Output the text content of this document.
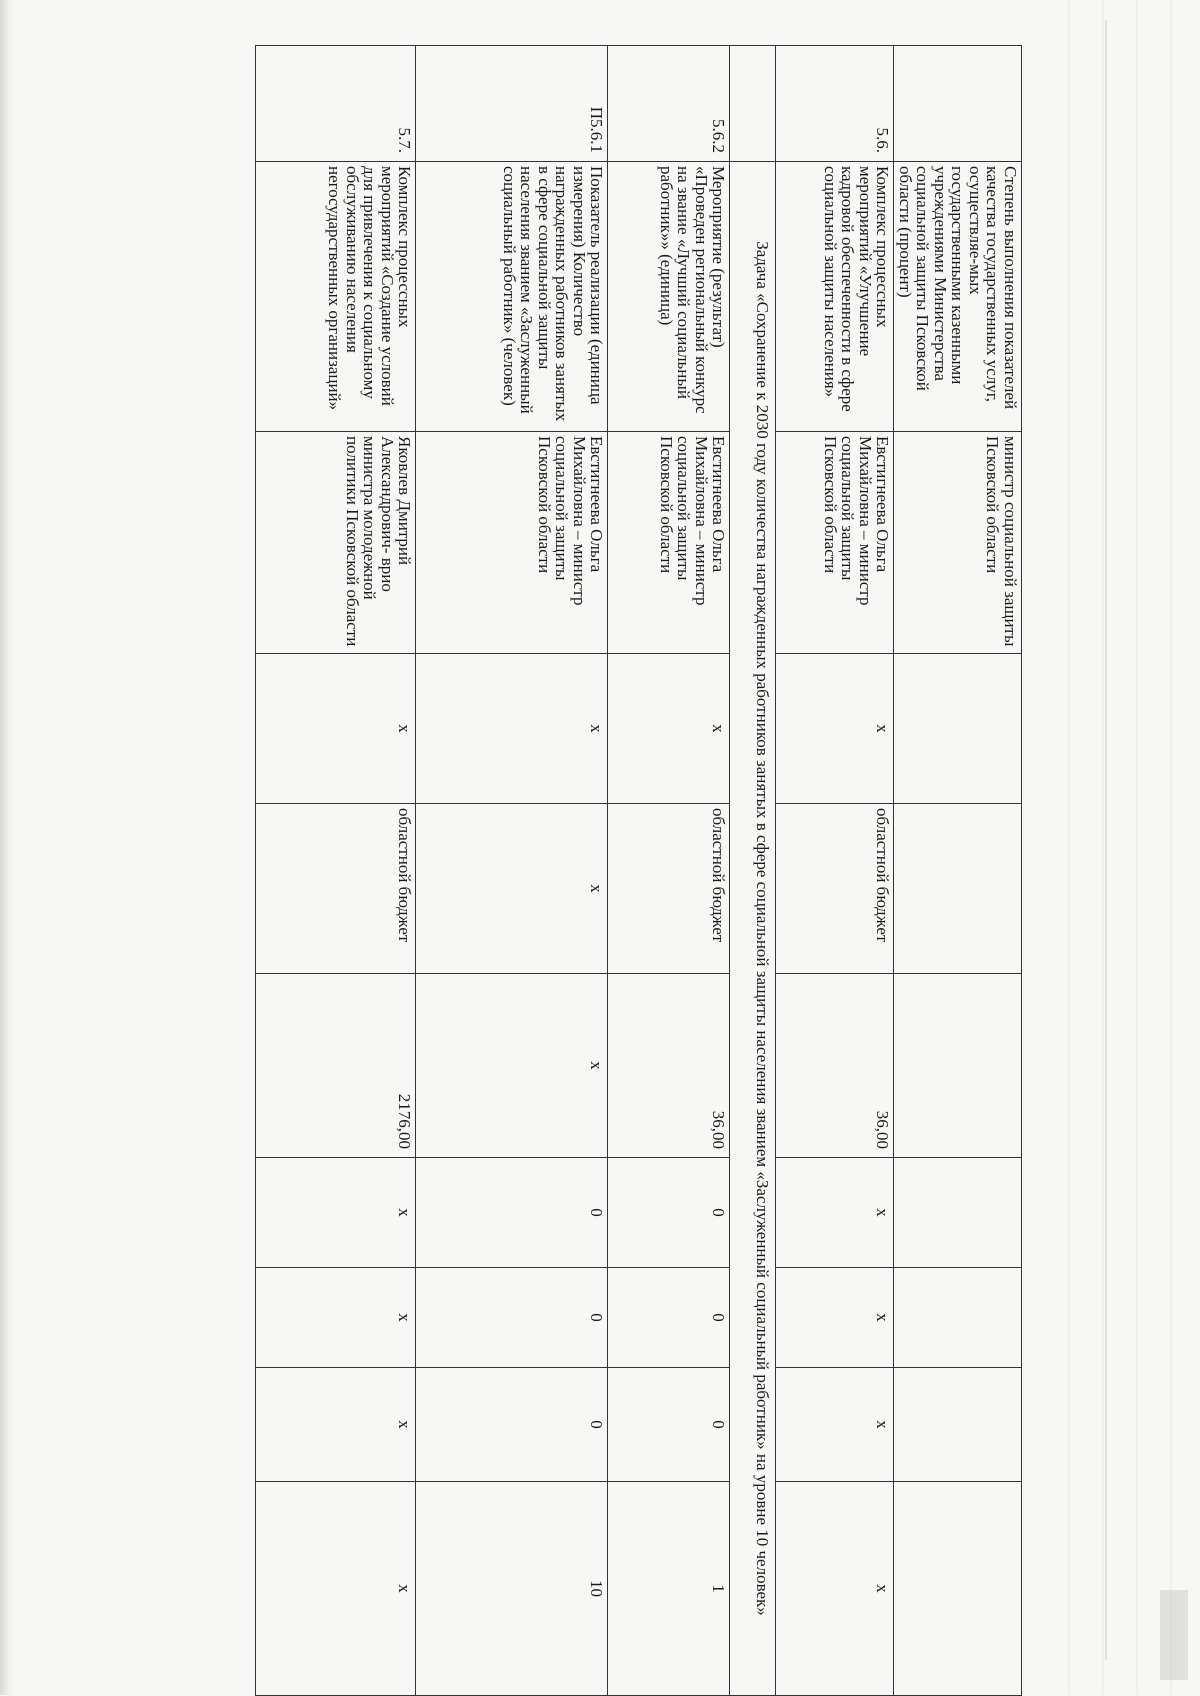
	Степень выполнения показателей качества государственных услуг, осуществляе-мых государственными казенными учреждениями Министерства социальной защиты Псковской области (процент)	министр социальной защиты Псковской области							
5.6.	Комплекс процессных мероприятий «Улучшение кадровой обеспеченности в сфере социальной защиты населения»	Евстигнеева Ольга Михайловна – министр социальной защиты Псковской области	x	областной бюджет	36,00	x	x	x	x
	Задача «Сохранение к 2030 году количества награжденных работников занятых в сфере социальной защиты населения званием «Заслуженный социальный работник» на уровне 10 человек»								
5.6.2	Мероприятие (результат) «Проведен региональный конкурс на звание «Лучший социальный работник»» (единица)	Евстигнеева Ольга Михайловна – министр социальной защиты Псковской области	x	областной бюджет	36,00	0	0	0	1
П5.6.1	Показатель реализации (единица измерения) Количество награжденных работников занятых в сфере социальной защиты населения званием «Заслуженный социальный работник» (человек)	Евстигнеева Ольга Михайловна – министр социальной защиты Псковской области	x	x	x	0	0	0	10
5.7.	Комплекс процессных мероприятий «Создание условий для привлечения к социальному обслуживанию населения негосударственных организаций»	Яковлев Дмитрий Александрович- врио министра молодежной политики Псковской области	x	областной бюджет	2176,00	x	x	x	x
